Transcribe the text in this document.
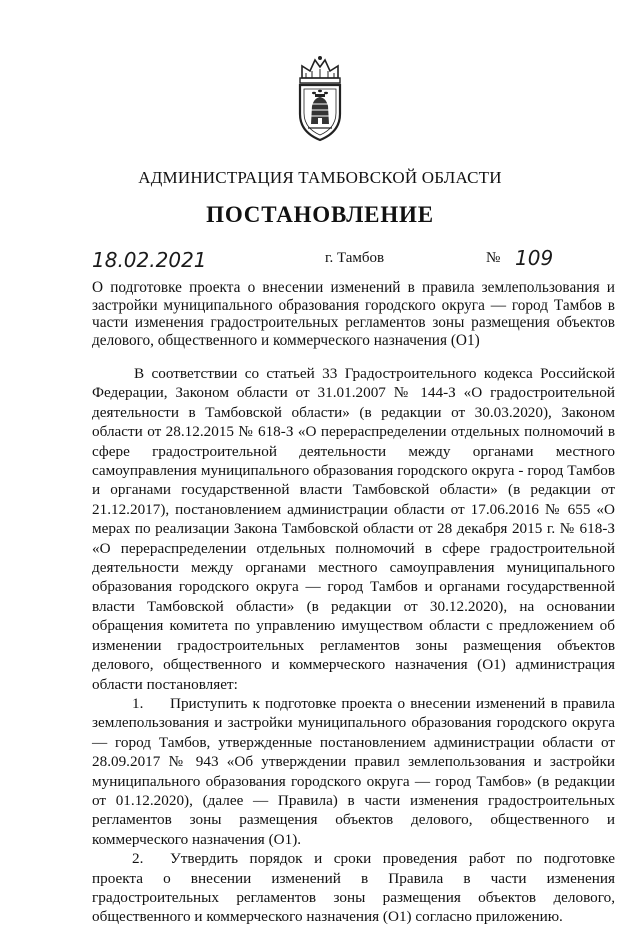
АДМИНИСТРАЦИЯ ТАМБОВСКОЙ ОБЛАСТИ
ПОСТАНОВЛЕНИЕ
18.02.2021	г. Тамбов	№ 109
О подготовке проекта о внесении изменений в правила землепользования и застройки муниципального образования городского округа — город Тамбов в части изменения градостроительных регламентов зоны размещения объектов делового, общественного и коммерческого назначения (О1)

В соответствии со статьей 33 Градостроительного кодекса Российской Федерации, Законом области от 31.01.2007 № 144-З «О градостроительной деятельности в Тамбовской области» (в редакции от 30.03.2020), Законом области от 28.12.2015 № 618-З «О перераспределении отдельных полномочий в сфере градостроительной деятельности между органами местного самоуправления муниципального образования городского округа - город Тамбов и органами государственной власти Тамбовской области» (в редакции от 21.12.2017), постановлением администрации области от 17.06.2016 № 655 «О мерах по реализации Закона Тамбовской области от 28 декабря 2015 г. № 618-З «О перераспределении отдельных полномочий в сфере градостроительной деятельности между органами местного самоуправления муниципального образования городского округа — город Тамбов и органами государственной власти Тамбовской области» (в редакции от 30.12.2020), на основании обращения комитета по управлению имуществом области с предложением об изменении градостроительных регламентов зоны размещения объектов делового, общественного и коммерческого назначения (О1) администрация области постановляет:

1. Приступить к подготовке проекта о внесении изменений в правила землепользования и застройки муниципального образования городского округа — город Тамбов, утвержденные постановлением администрации области от 28.09.2017 № 943 «Об утверждении правил землепользования и застройки муниципального образования городского округа — город Тамбов» (в редакции от 01.12.2020), (далее — Правила) в части изменения градостроительных регламентов зоны размещения объектов делового, общественного и коммерческого назначения (О1).

2. Утвердить порядок и сроки проведения работ по подготовке проекта о внесении изменений в Правила в части изменения градостроительных регламентов зоны размещения объектов делового, общественного и коммерческого назначения (О1) согласно приложению.
